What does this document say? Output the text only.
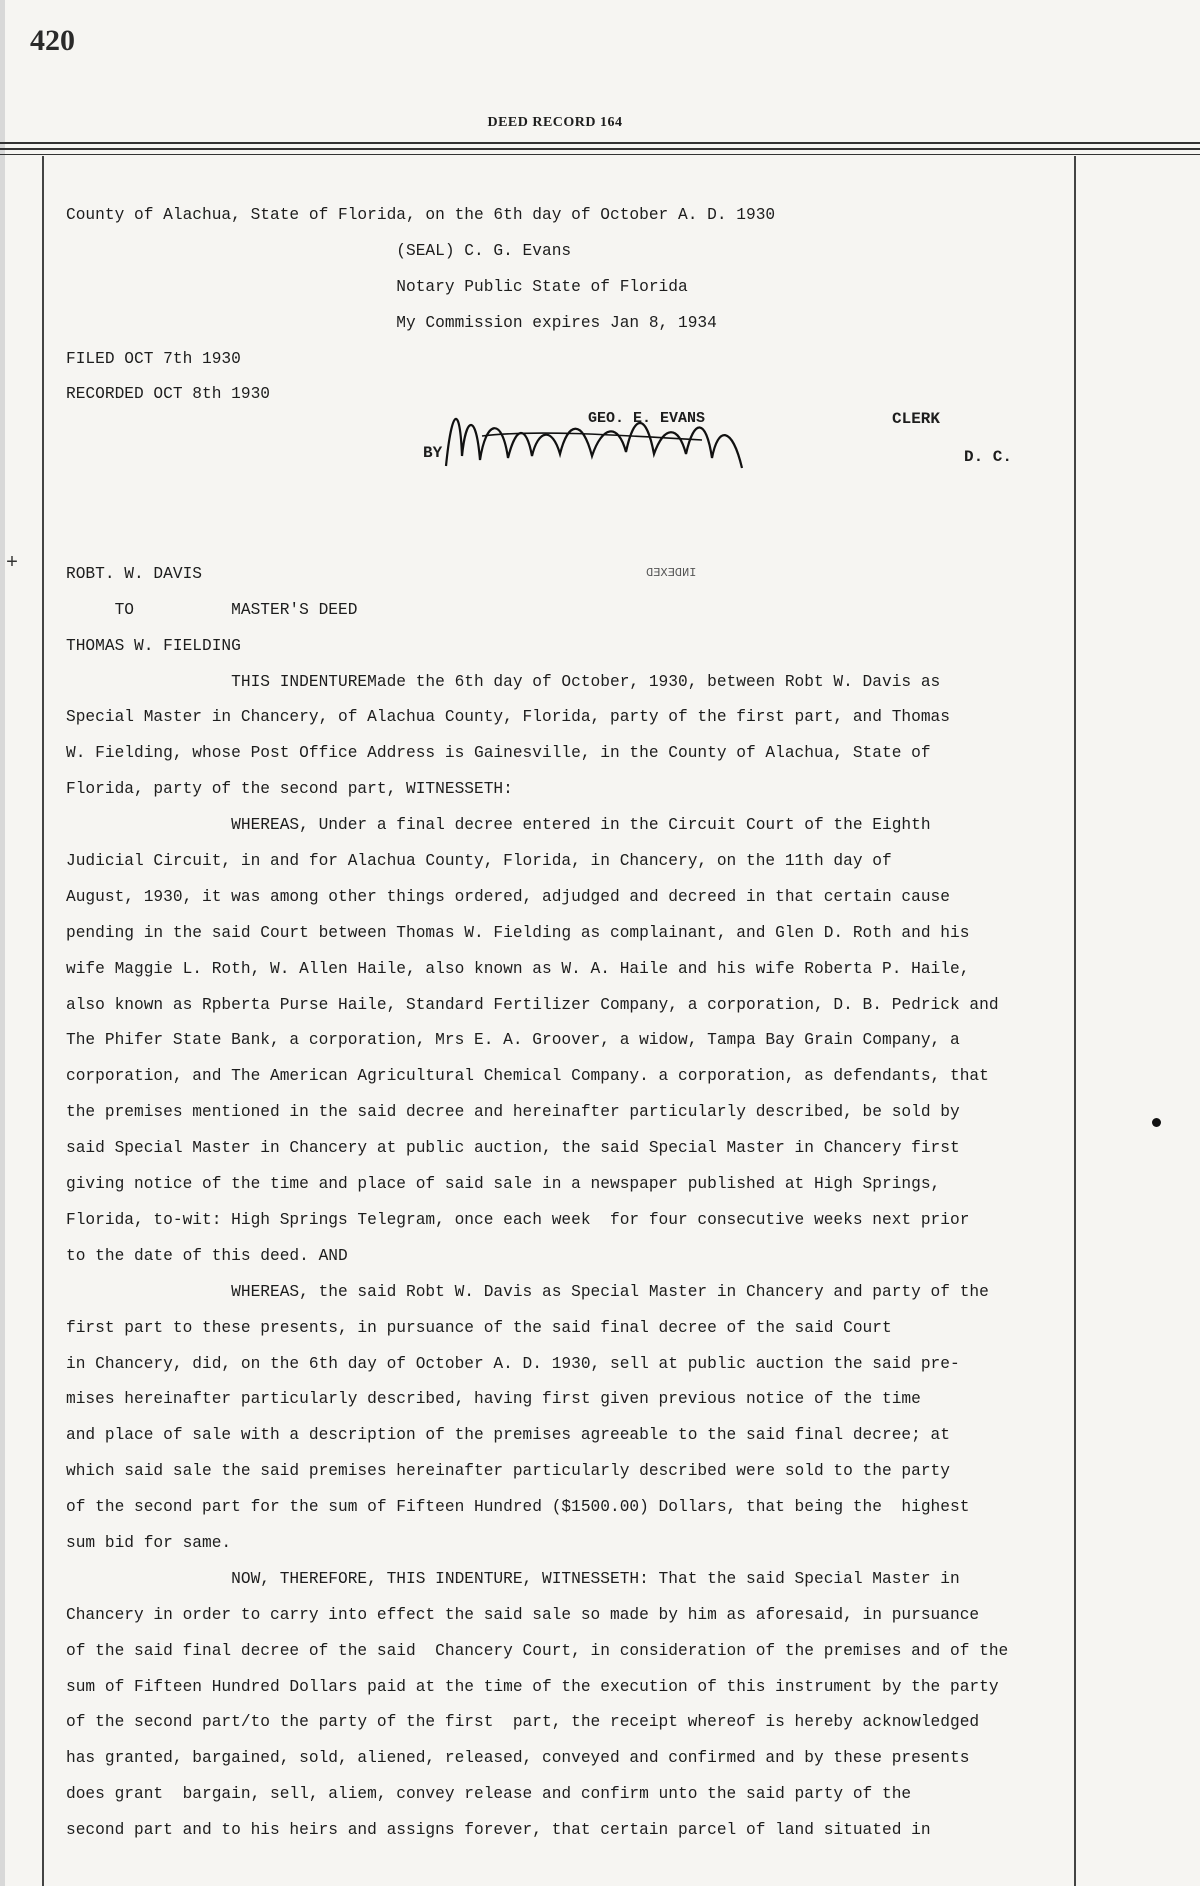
420
DEED RECORD 164
+
County of Alachua, State of Florida, on the 6th day of October A. D. 1930
(SEAL) C. G. Evans
Notary Public State of Florida
My Commission expires Jan 8, 1934
FILED OCT 7th 1930
RECORDED OCT 8th 1930
ROBT. W. DAVIS
TO          MASTER'S DEED
THOMAS W. FIELDING
THIS INDENTUREMade the 6th day of October, 1930, between Robt W. Davis as
Special Master in Chancery, of Alachua County, Florida, party of the first part, and Thomas
W. Fielding, whose Post Office Address is Gainesville, in the County of Alachua, State of
Florida, party of the second part, WITNESSETH:
WHEREAS, Under a final decree entered in the Circuit Court of the Eighth
Judicial Circuit, in and for Alachua County, Florida, in Chancery, on the 11th day of
August, 1930, it was among other things ordered, adjudged and decreed in that certain cause
pending in the said Court between Thomas W. Fielding as complainant, and Glen D. Roth and his
wife Maggie L. Roth, W. Allen Haile, also known as W. A. Haile and his wife Roberta P. Haile,
also known as Rpberta Purse Haile, Standard Fertilizer Company, a corporation, D. B. Pedrick and
The Phifer State Bank, a corporation, Mrs E. A. Groover, a widow, Tampa Bay Grain Company, a
corporation, and The American Agricultural Chemical Company. a corporation, as defendants, that
the premises mentioned in the said decree and hereinafter particularly described, be sold by
said Special Master in Chancery at public auction, the said Special Master in Chancery first
giving notice of the time and place of said sale in a newspaper published at High Springs,
Florida, to-wit: High Springs Telegram, once each week  for four consecutive weeks next prior
to the date of this deed. AND
WHEREAS, the said Robt W. Davis as Special Master in Chancery and party of the
first part to these presents, in pursuance of the said final decree of the said Court
in Chancery, did, on the 6th day of October A. D. 1930, sell at public auction the said pre-
mises hereinafter particularly described, having first given previous notice of the time
and place of sale with a description of the premises agreeable to the said final decree; at
which said sale the said premises hereinafter particularly described were sold to the party
of the second part for the sum of Fifteen Hundred ($1500.00) Dollars, that being the  highest
sum bid for same.
NOW, THEREFORE, THIS INDENTURE, WITNESSETH: That the said Special Master in
Chancery in order to carry into effect the said sale so made by him as aforesaid, in pursuance
of the said final decree of the said  Chancery Court, in consideration of the premises and of the
sum of Fifteen Hundred Dollars paid at the time of the execution of this instrument by the party
of the second part/to the party of the first  part, the receipt whereof is hereby acknowledged
has granted, bargained, sold, aliened, released, conveyed and confirmed and by these presents
does grant  bargain, sell, aliem, convey release and confirm unto the said party of the
second part and to his heirs and assigns forever, that certain parcel of land situated in
BY
GEO. E. EVANS	CLERK
D. C.
INDEXED
